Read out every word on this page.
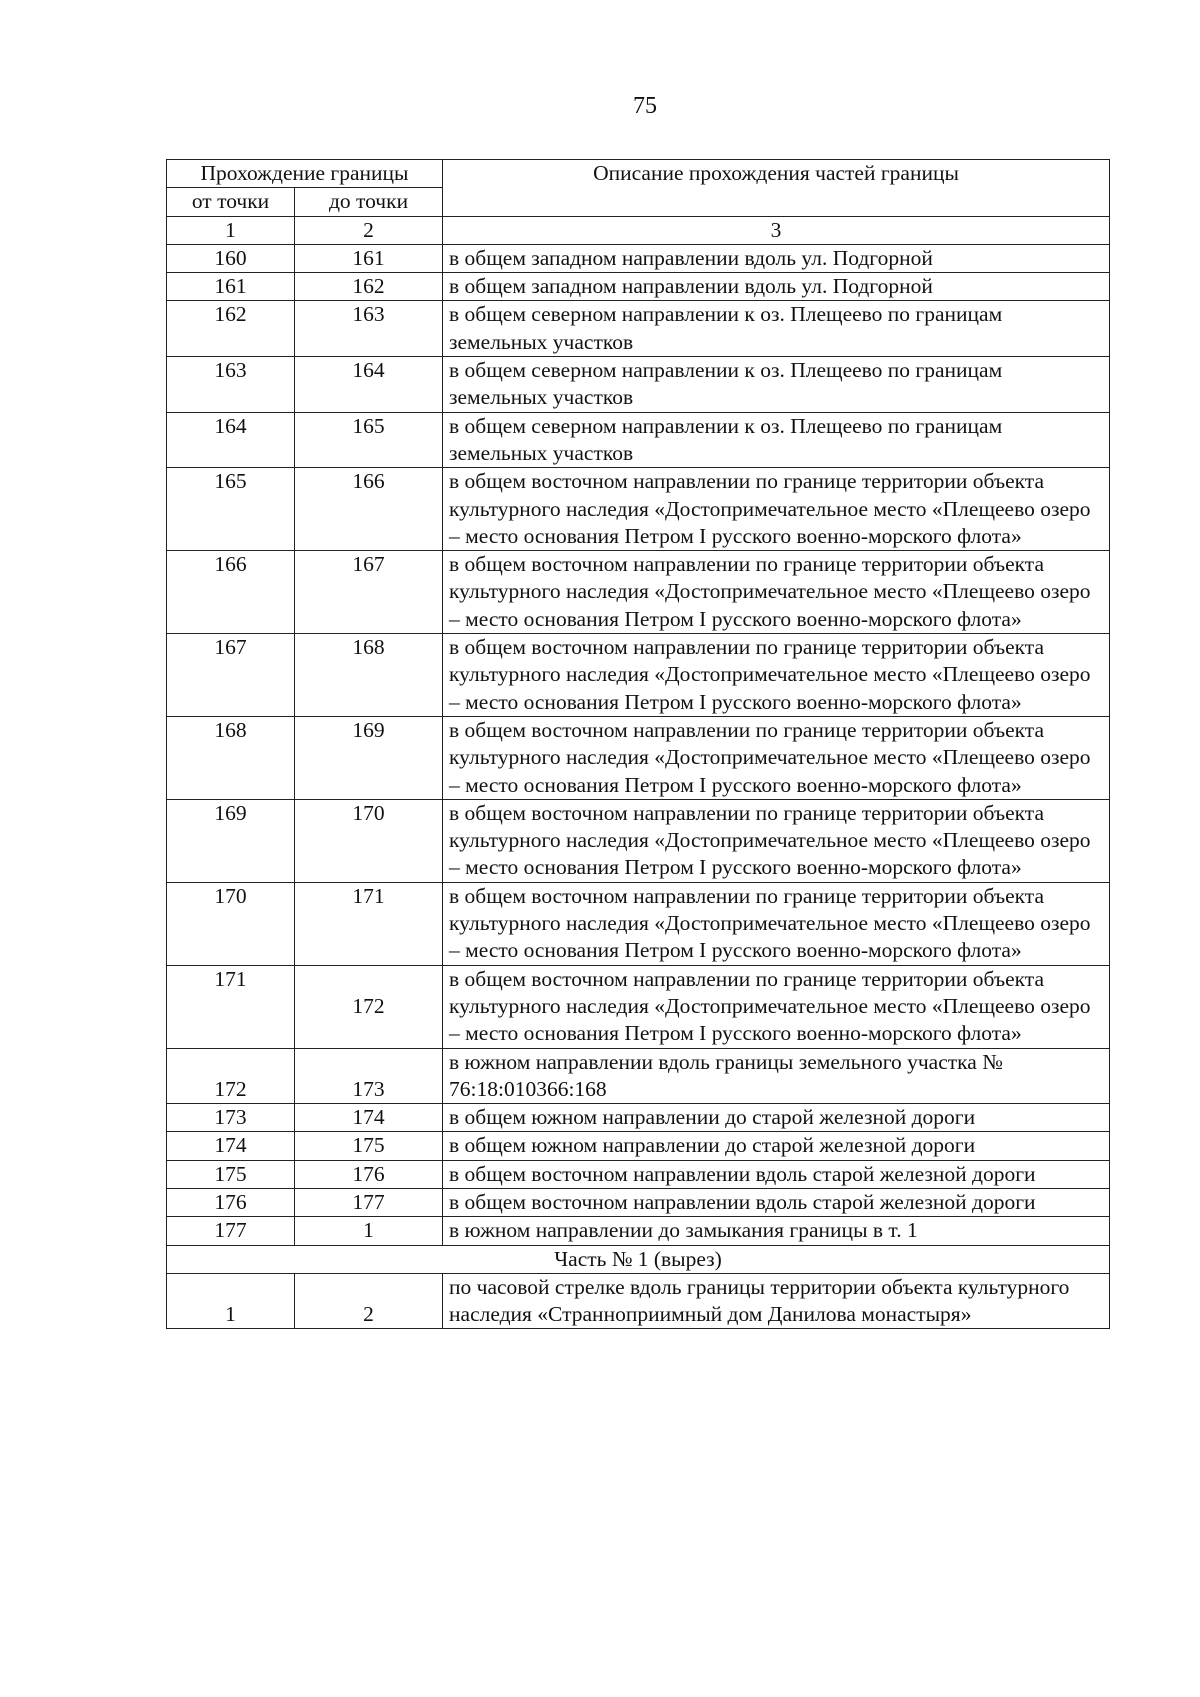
75
Прохождение границы		Описание прохождения частей границы
от точки	до точки	
1	2	3
160	161	в общем западном направлении вдоль ул. Подгорной
161	162	в общем западном направлении вдоль ул. Подгорной
162	163	в общем северном направлении к оз. Плещеево по границам земельных участков
163	164	в общем северном направлении к оз. Плещеево по границам земельных участков
164	165	в общем северном направлении к оз. Плещеево по границам земельных участков
165	166	в общем восточном направлении по границе территории объекта культурного наследия «Достопримечательное место «Плещеево озеро – место основания Петром I русского военно-морского флота»
166	167	в общем восточном направлении по границе территории объекта культурного наследия «Достопримечательное место «Плещеево озеро – место основания Петром I русского военно-морского флота»
167	168	в общем восточном направлении по границе территории объекта культурного наследия «Достопримечательное место «Плещеево озеро – место основания Петром I русского военно-морского флота»
168	169	в общем восточном направлении по границе территории объекта культурного наследия «Достопримечательное место «Плещеево озеро – место основания Петром I русского военно-морского флота»
169	170	в общем восточном направлении по границе территории объекта культурного наследия «Достопримечательное место «Плещеево озеро – место основания Петром I русского военно-морского флота»
170	171	в общем восточном направлении по границе территории объекта культурного наследия «Достопримечательное место «Плещеево озеро – место основания Петром I русского военно-морского флота»
171	172	в общем восточном направлении по границе территории объекта культурного наследия «Достопримечательное место «Плещеево озеро – место основания Петром I русского военно-морского флота»
172	173	в южном направлении вдоль границы земельного участка № 76:18:010366:168
173	174	в общем южном направлении до старой железной дороги
174	175	в общем южном направлении до старой железной дороги
175	176	в общем восточном направлении вдоль старой железной дороги
176	177	в общем восточном направлении вдоль старой железной дороги
177	1	в южном направлении до замыкания границы в т. 1
Часть № 1 (вырез)		
1	2	по часовой стрелке вдоль границы территории объекта культурного наследия «Страннoприимный дом Данилова монастыря»
